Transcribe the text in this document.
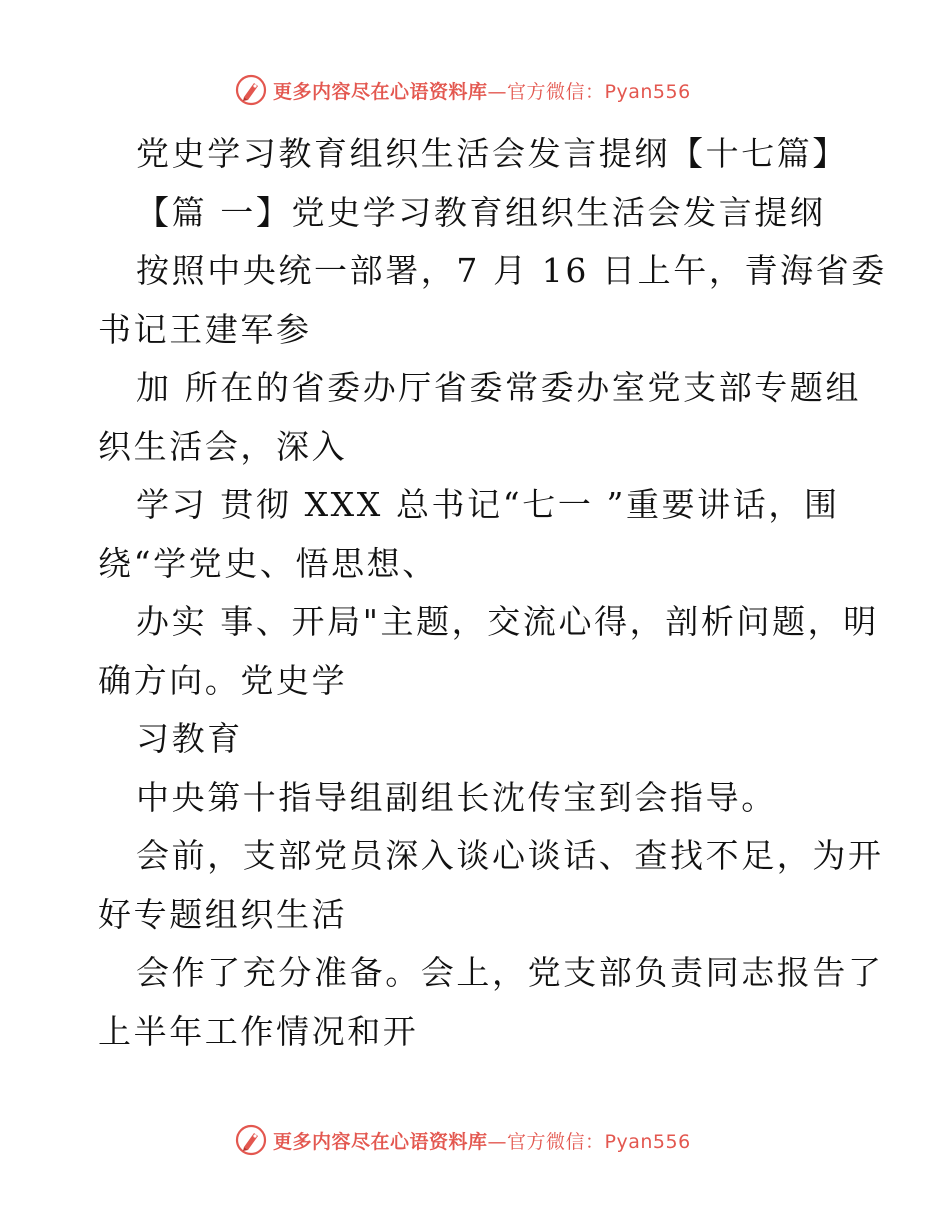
更多内容尽在心语资料库—官方微信：Pyan556
党史学习教育组织生活会发言提纲【十七篇】
【篇 一】党史学习教育组织生活会发言提纲
按照中央统一部署，7 月 16 日上午，青海省委
书记王建军参
加 所在的省委办厅省委常委办室党支部专题组
织生活会，深入
学习 贯彻 XXX 总书记“七一 ”重要讲话，围
绕“学党史、悟思想、
办实 事、开局"主题，交流心得，剖析问题，明
确方向。党史学
习教育
中央第十指导组副组长沈传宝到会指导。
会前，支部党员深入谈心谈话、查找不足，为开
好专题组织生活
会作了充分准备。会上，党支部负责同志报告了
上半年工作情况和开
更多内容尽在心语资料库—官方微信：Pyan556
